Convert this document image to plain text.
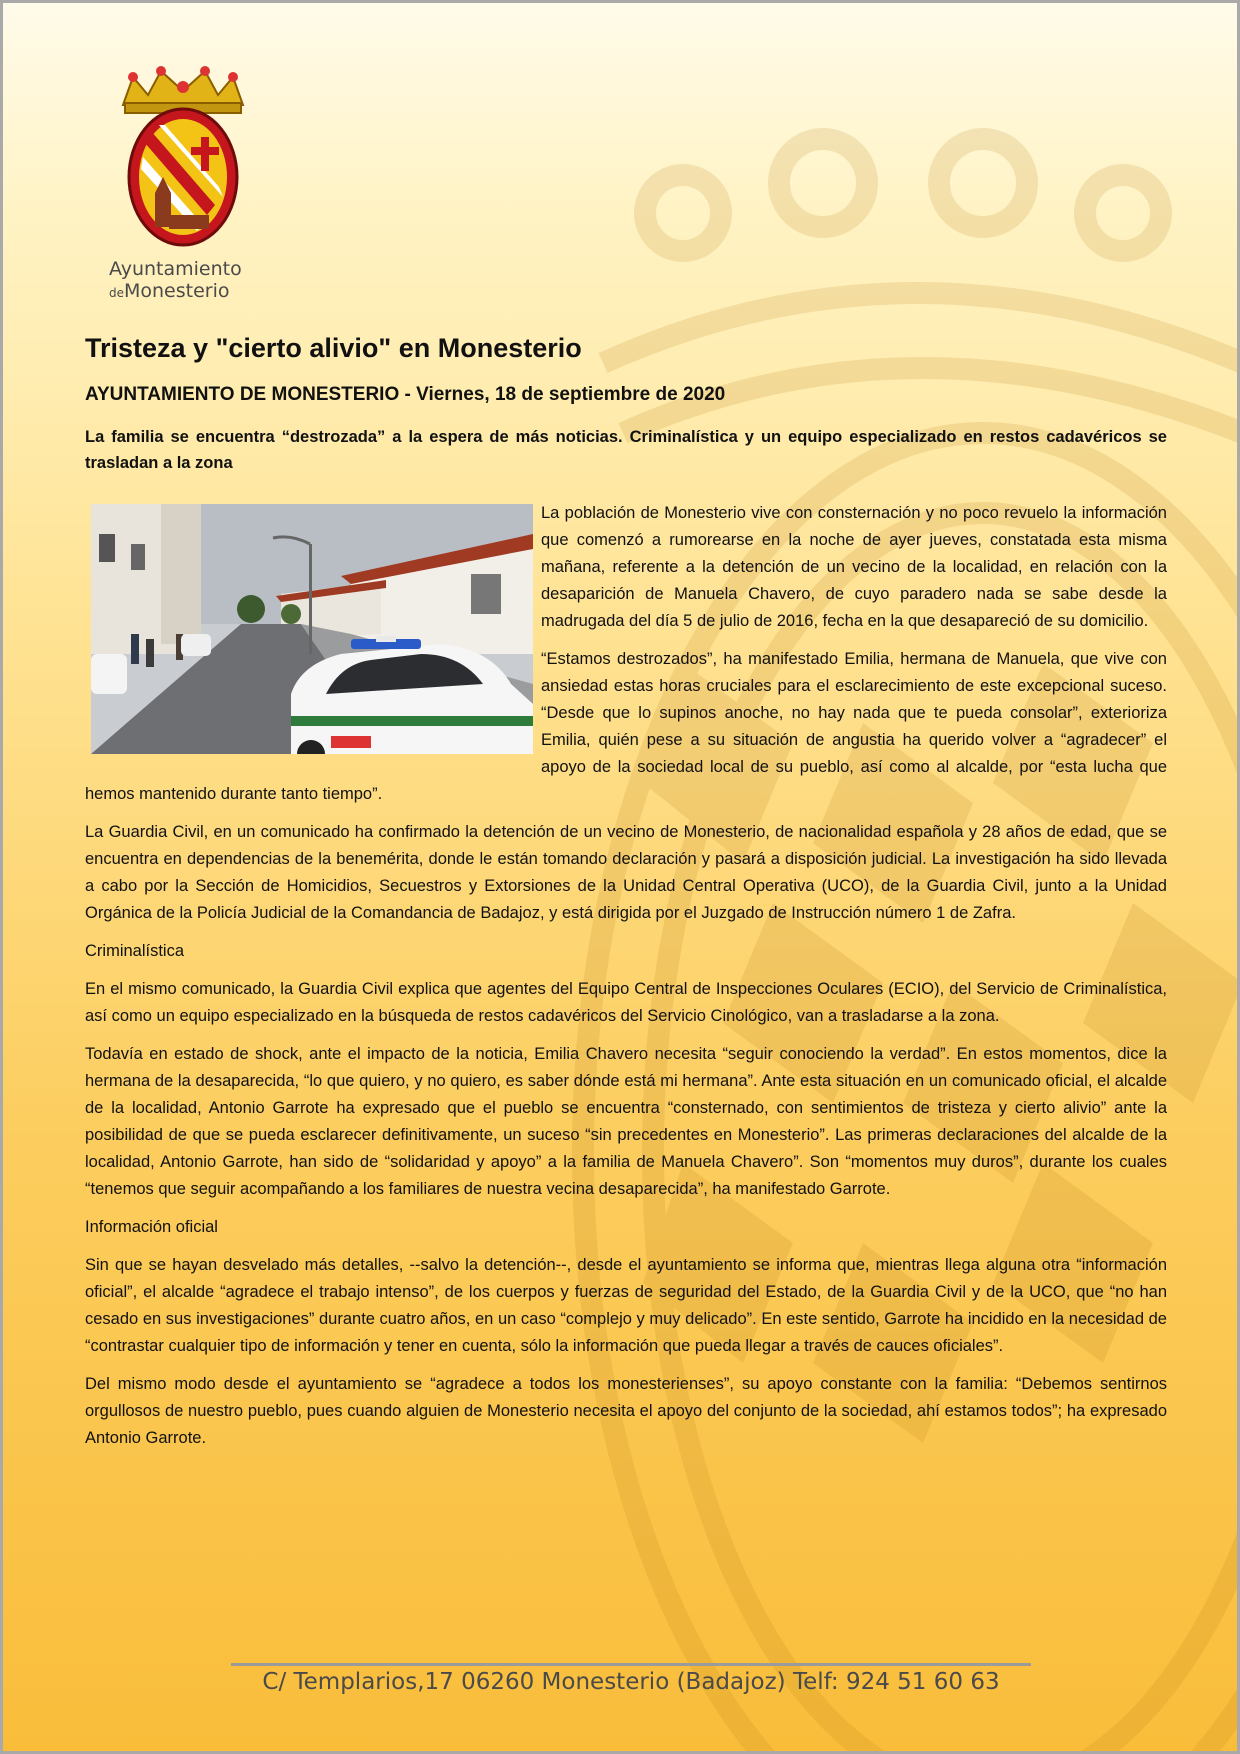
Ayuntamiento
deMonesterio
Tristeza y "cierto alivio" en Monesterio
AYUNTAMIENTO DE MONESTERIO - Viernes, 18 de septiembre de 2020
La familia se encuentra “destrozada” a la espera de más noticias. Criminalística y un equipo especializado en restos cadavéricos se trasladan a la zona
La población de Monesterio vive con consternación y no poco revuelo la información que comenzó a rumorearse en la noche de ayer jueves, constatada esta misma mañana, referente a la detención de un vecino de la localidad, en relación con la desaparición de Manuela Chavero, de cuyo paradero nada se sabe desde la madrugada del día 5 de julio de 2016, fecha en la que desapareció de su domicilio.
“Estamos destrozados”, ha manifestado Emilia, hermana de Manuela, que vive con ansiedad estas horas cruciales para el esclarecimiento de este excepcional suceso. “Desde que lo supinos anoche, no hay nada que te pueda consolar”, exterioriza Emilia, quién pese a su situación de angustia ha querido volver a “agradecer” el apoyo de la sociedad local de su pueblo, así como al alcalde, por “esta lucha que hemos mantenido durante tanto tiempo”.
La Guardia Civil, en un comunicado ha confirmado la detención de un vecino de Monesterio, de nacionalidad española y 28 años de edad, que se encuentra en dependencias de la benemérita, donde le están tomando declaración y pasará a disposición judicial. La investigación ha sido llevada a cabo por la Sección de Homicidios, Secuestros y Extorsiones de la Unidad Central Operativa (UCO), de la Guardia Civil, junto a la Unidad Orgánica de la Policía Judicial de la Comandancia de Badajoz, y está dirigida por el Juzgado de Instrucción número 1 de Zafra.
Criminalística
En el mismo comunicado, la Guardia Civil explica que agentes del Equipo Central de Inspecciones Oculares (ECIO), del Servicio de Criminalística, así como un equipo especializado en la búsqueda de restos cadavéricos del Servicio Cinológico, van a trasladarse a la zona.
Todavía en estado de shock, ante el impacto de la noticia, Emilia Chavero necesita “seguir conociendo la verdad”. En estos momentos, dice la hermana de la desaparecida, “lo que quiero, y no quiero, es saber dónde está mi hermana”. Ante esta situación en un comunicado oficial, el alcalde de la localidad, Antonio Garrote ha expresado que el pueblo se encuentra “consternado, con sentimientos de tristeza y cierto alivio” ante la posibilidad de que se pueda esclarecer definitivamente, un suceso “sin precedentes en Monesterio”. Las primeras declaraciones del alcalde de la localidad, Antonio Garrote, han sido de “solidaridad y apoyo” a la familia de Manuela Chavero”. Son “momentos muy duros”, durante los cuales “tenemos que seguir acompañando a los familiares de nuestra vecina desaparecida”, ha manifestado Garrote.
Información oficial
Sin que se hayan desvelado más detalles, --salvo la detención--, desde el ayuntamiento se informa que, mientras llega alguna otra “información oficial”, el alcalde “agradece el trabajo intenso”, de los cuerpos y fuerzas de seguridad del Estado, de la Guardia Civil y de la UCO, que “no han cesado en sus investigaciones” durante cuatro años, en un caso “complejo y muy delicado”. En este sentido, Garrote ha incidido en la necesidad de “contrastar cualquier tipo de información y tener en cuenta, sólo la información que pueda llegar a través de cauces oficiales”.
Del mismo modo desde el ayuntamiento se “agradece a todos los monesterienses”, su apoyo constante con la familia: “Debemos sentirnos orgullosos de nuestro pueblo, pues cuando alguien de Monesterio necesita el apoyo del conjunto de la sociedad, ahí estamos todos”; ha expresado Antonio Garrote.
C/ Templarios,17 06260 Monesterio (Badajoz) Telf: 924 51 60 63
